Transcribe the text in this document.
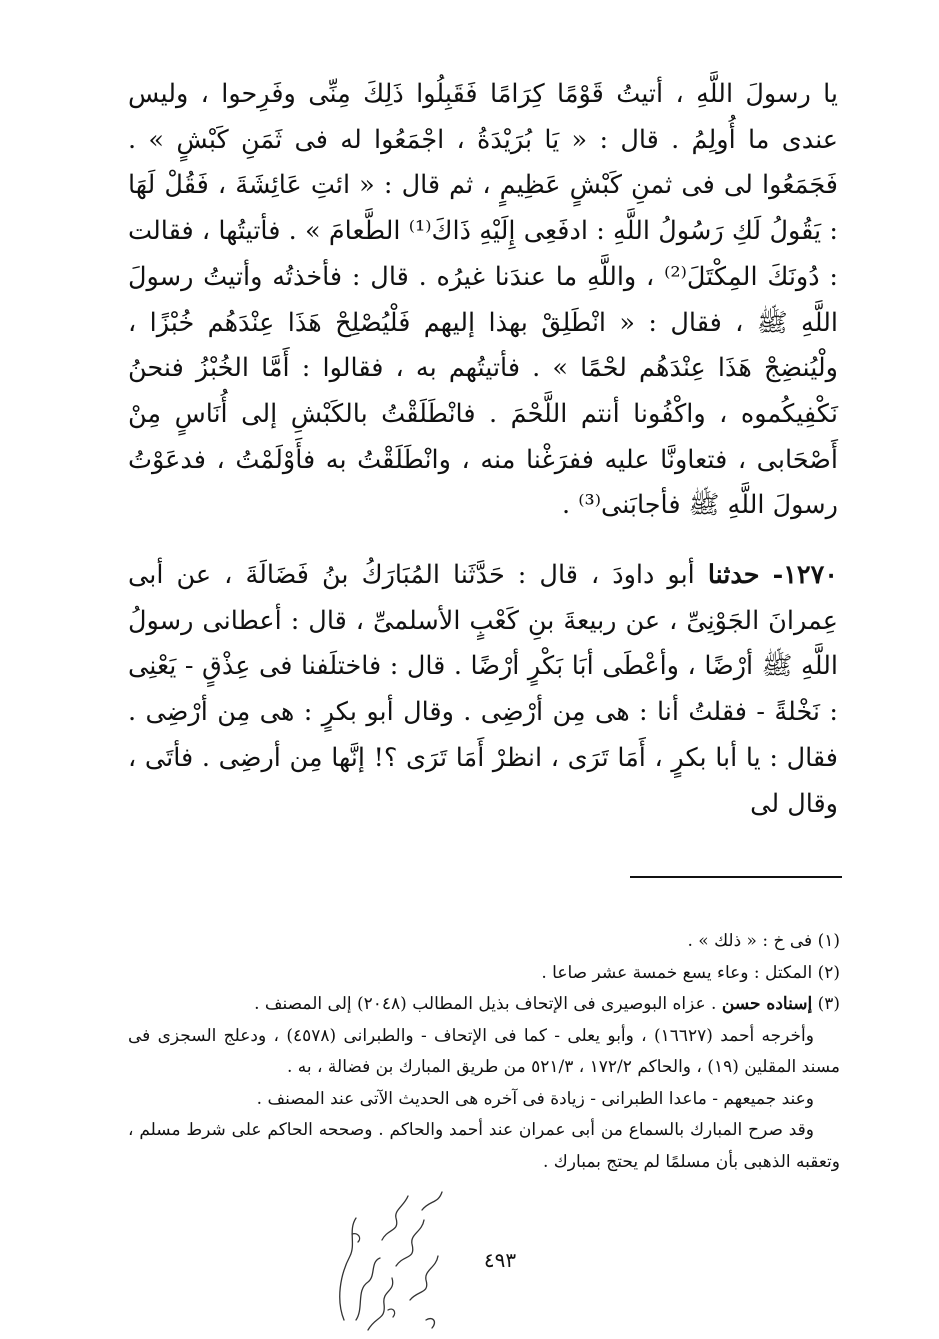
يا رسولَ اللَّهِ ، أتيتُ قَوْمًا كِرَامًا فَقَبِلُوا ذَلِكَ مِنِّى وفَرِحوا ، وليس عندى ما أُولِمُ . قال : « يَا بُرَيْدَةُ ، اجْمَعُوا له فى ثَمَنِ كَبْشٍ » . فَجَمَعُوا لى فى ثمنِ كَبْشٍ عَظِيمٍ ، ثم قال : « ائتِ عَائِشَةَ ، فَقُلْ لَهَا : يَقُولُ لَكِ رَسُولُ اللَّهِ : ادفَعِى إِلَيْهِ ذَاكَ⁽¹⁾ الطَّعامَ » . فأتيتُها ، فقالت : دُونَكَ المِكْتَلَ⁽²⁾ ، واللَّهِ ما عندَنا غيرُه . قال : فأخذتُه وأتيتُ رسولَ اللَّهِ ﷺ ، فقال : « انْطَلِقْ بهذا إليهم فَلْيُصْلِحْ هَذَا عِنْدَهُم خُبْزًا ، ولْيُنضِجْ هَذَا عِنْدَهُم لحْمًا » . فأتيتُهم به ، فقالوا : أَمَّا الخُبْزُ فنحنُ نَكْفِيكُموه ، واكْفُونا أنتم اللَّحْمَ . فانْطَلَقْتُ بالكَبْشِ إلى أُنَاسٍ مِنْ أَصْحَابى ، فتعاونَّا عليه ففرَغْنا منه ، وانْطَلَقْتُ به فأَوْلَمْتُ ، فدعَوْتُ رسولَ اللَّهِ ﷺ فأجابَنى⁽³⁾ .

١٢٧٠- حدثنا أبو داودَ ، قال : حَدَّثَنا المُبَارَكُ بنُ فَضَالَةَ ، عن أبى عِمرانَ الجَوْنِىِّ ، عن ربيعةَ بنِ كَعْبٍ الأسلمىِّ ، قال : أعطانى رسولُ اللَّهِ ﷺ أرْضًا ، وأعْطَى أبَا بَكْرٍ أرْضًا . قال : فاختلَفنا فى عِذْقٍ - يَعْنِى : نَخْلةً - فقلتُ أنا : هى مِن أرْضِى . وقال أبو بكرٍ : هى مِن أرْضِى . فقال : يا أبا بكرٍ ، أَمَا تَرَى ، انظرْ أَمَا تَرَى ؟! إنَّها مِن أرضِى . فأتَى ، وقال لى

(١) فى خ : « ذلك » .

(٢) المكتل : وعاء يسع خمسة عشر صاعا .

(٣) إسناده حسن . عزاه البوصيرى فى الإتحاف بذيل المطالب (٢٠٤٨) إلى المصنف .

وأخرجه أحمد (١٦٦٢٧) ، وأبو يعلى - كما فى الإتحاف - والطبرانى (٤٥٧٨) ، ودعلج السجزى فى مسند المقلين (١٩) ، والحاكم ١٧٢/٢ ، ٥٢١/٣ من طريق المبارك بن فضالة ، به .

وعند جميعهم - ماعدا الطبرانى - زيادة فى آخره هى الحديث الآتى عند المصنف .

وقد صرح المبارك بالسماع من أبى عمران عند أحمد والحاكم . وصححه الحاكم على شرط مسلم ، وتعقبه الذهبى بأن مسلمًا لم يحتج بمبارك .

٤٩٣
